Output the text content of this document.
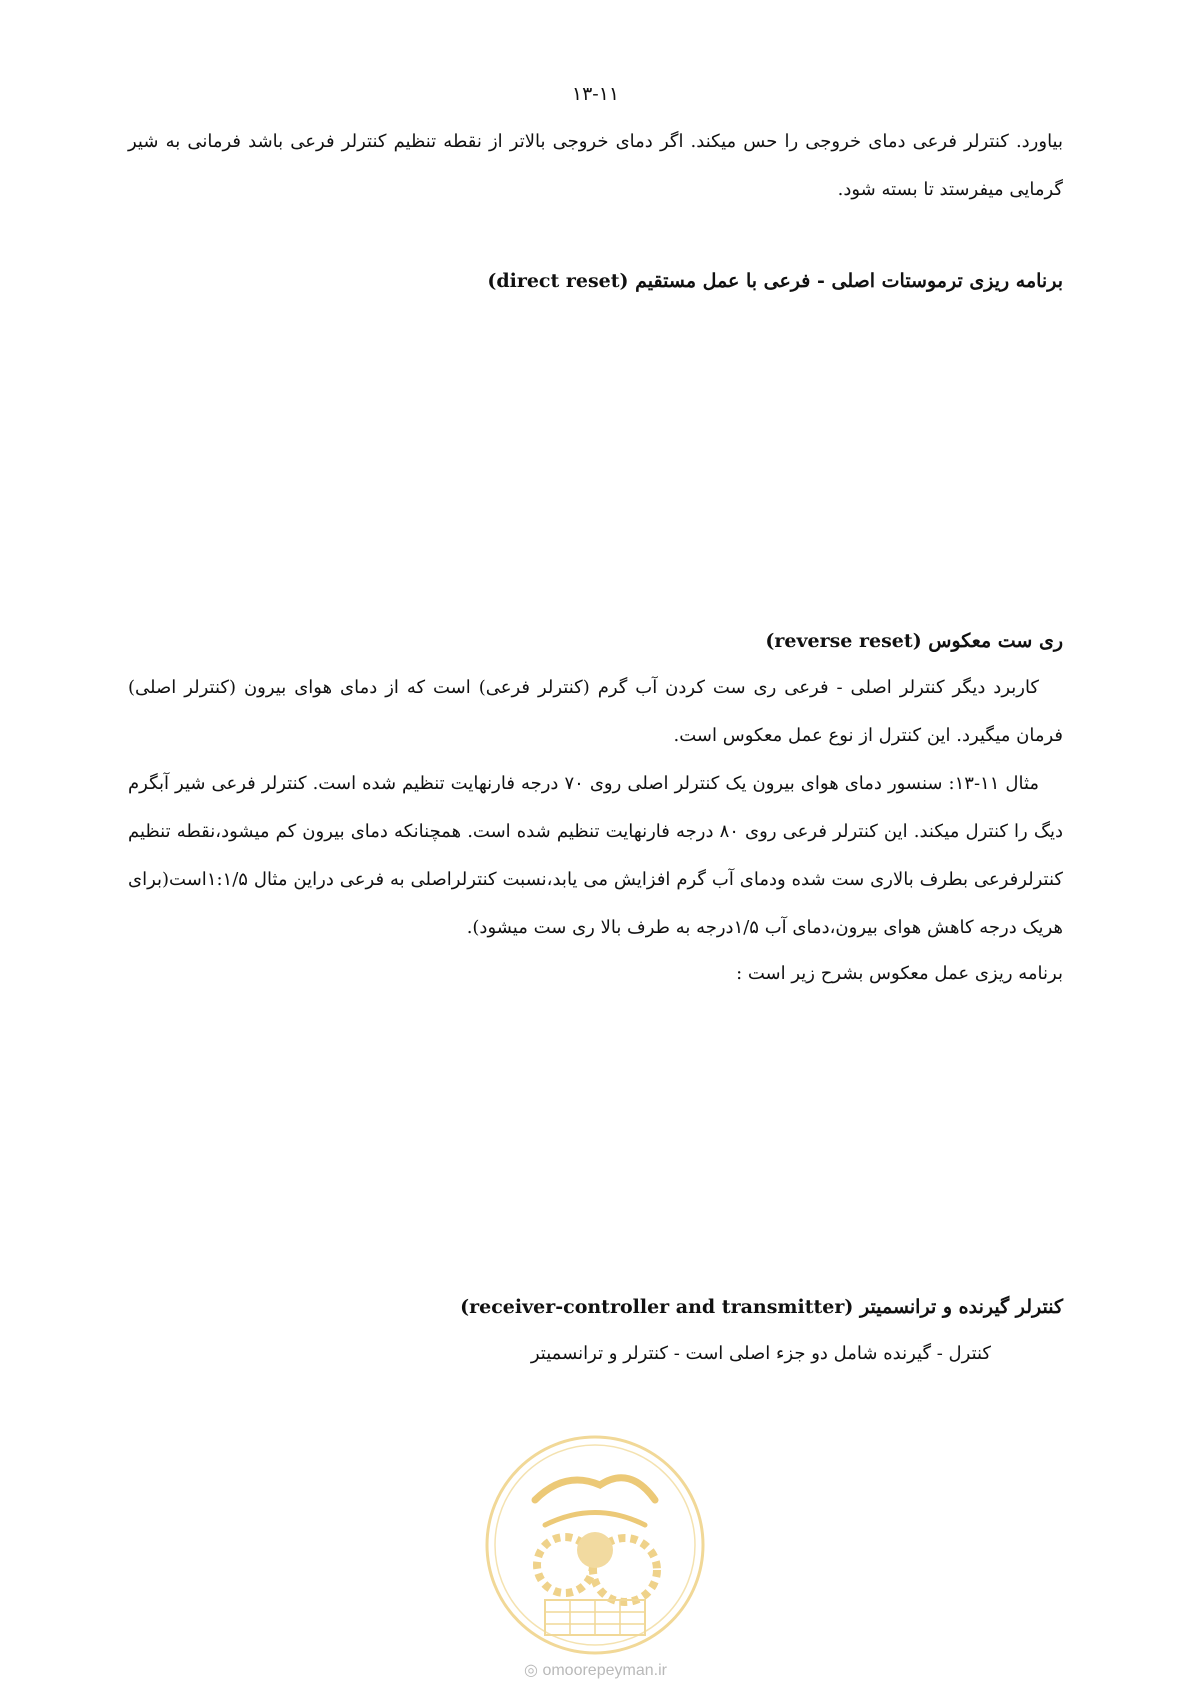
۱۳-۱۱

بیاورد. کنترلر فرعی دمای خروجی را حس میکند. اگر دمای خروجی بالاتر از نقطه تنظیم کنترلر فرعی باشد فرمانی به شیر گرمایی میفرستد تا بسته شود.

برنامه ریزی ترموستات اصلی - فرعی با عمل مستقیم (direct reset)
ری ست معکوس (reverse reset)

کاربرد دیگر کنترلر اصلی - فرعی ری ست کردن آب گرم (کنترلر فرعی) است که از دمای هوای بیرون (کنترلر اصلی) فرمان میگیرد. این کنترل از نوع عمل معکوس است.

مثال ۱۱-۱۳: سنسور دمای هوای بیرون یک کنترلر اصلی روی ۷۰ درجه فارنهایت تنظیم شده است. کنترلر فرعی شیر آبگرم دیگ را کنترل میکند. این کنترلر فرعی روی ۸۰ درجه فارنهایت تنظیم شده است. همچنانکه دمای بیرون کم میشود،نقطه تنظیم کنترلرفرعی بطرف بالاری ست شده ودمای آب گرم افزایش می یابد،نسبت کنترلراصلی به فرعی دراین مثال ۱:۱/۵است(برای هریک درجه کاهش هوای بیرون،دمای آب ۱/۵درجه به طرف بالا ری ست میشود).

برنامه ریزی عمل معکوس بشرح زیر است :

کنترلر گیرنده و ترانسمیتر (receiver-controller and transmitter)

کنترل - گیرنده شامل دو جزء اصلی است - کنترلر و ترانسمیتر

◎ omoorepeyman.ir
